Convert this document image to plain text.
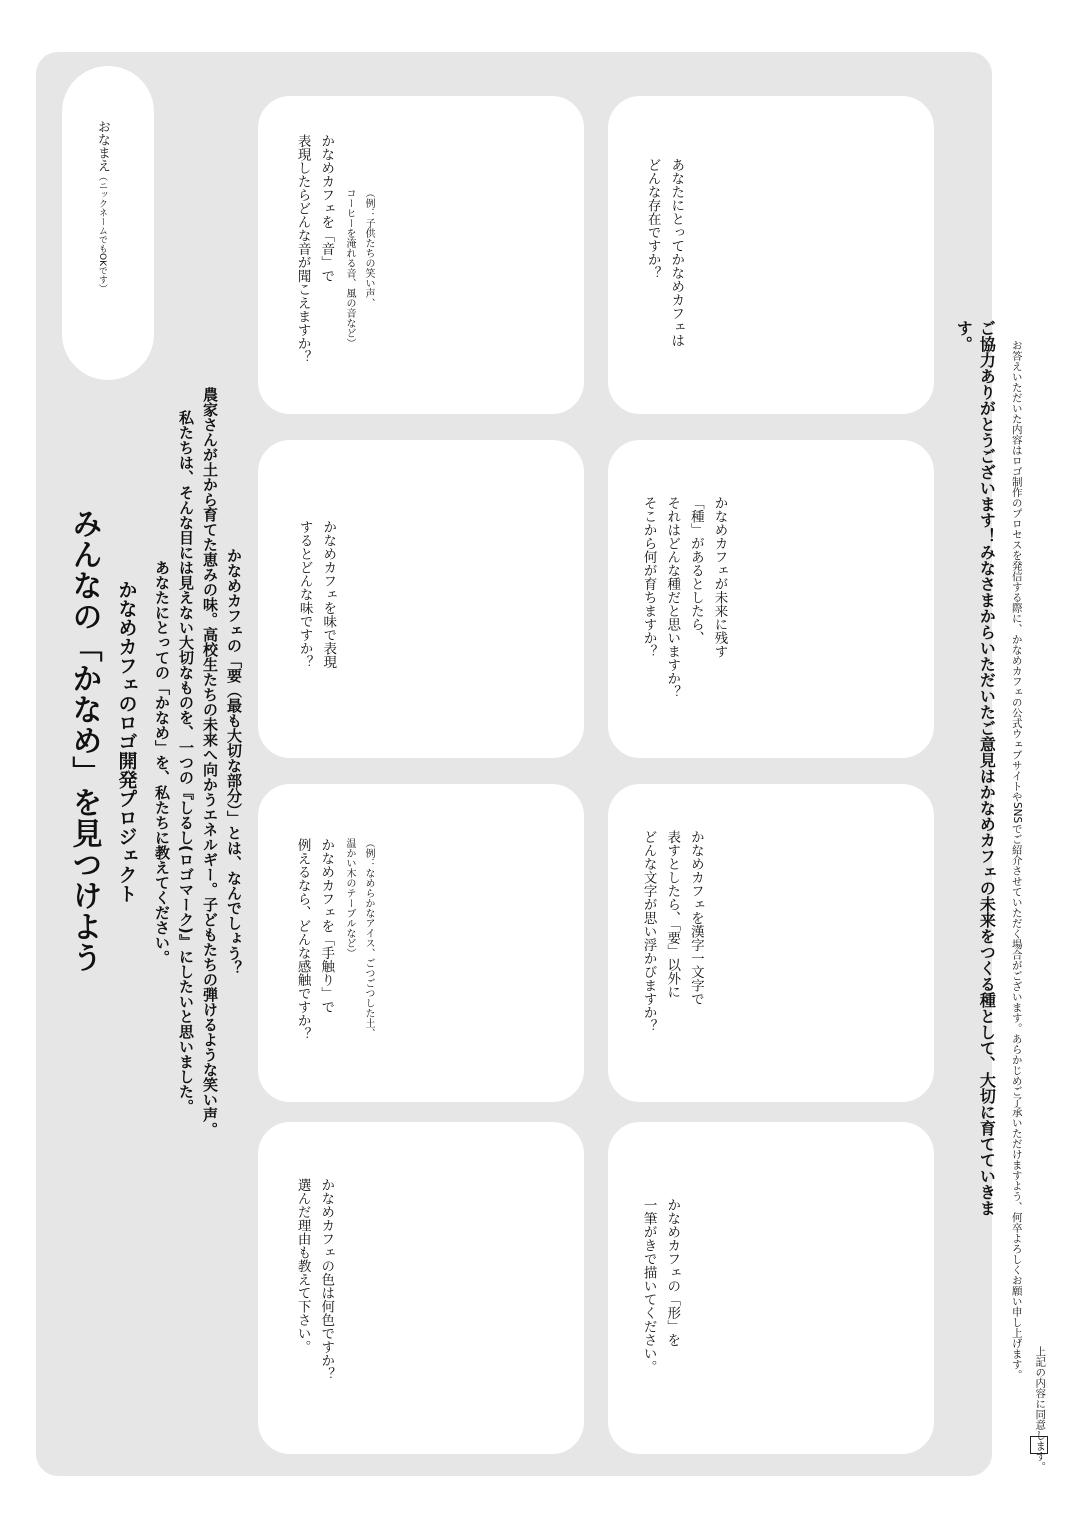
みんなの「かなめ」を見つけよう かなめカフェのロゴ開発プロジェクト	かなめカフェの「要（最も大切な部分）」とは、なんでしょう？
農家さんが土から育てた恵みの味。高校生たちの未来へ向かうエネルギー。子どもたちの弾けるような笑い声。
私たちは、そんな目には見えない大切なものを、一つの『しるし(ロゴマーク)』にしたいと思いました。
あなたにとっての「かなめ」を、私たちに教えてください。
おなまえ（ニックネームでもOKです）	かなめカフェを「音」で
表現したらどんな音が聞こえますか？	（例：子供たちの笑い声、
コーヒーを淹れる音、風の音など）	あなたにとってかなめカフェは
どんな存在ですか？
かなめカフェを味で表現
するとどんな味ですか？	かなめカフェが未来に残す
「種」があるとしたら、
それはどんな種だと思いますか？
そこから何が育ちますか？
かなめカフェを「手触り」で
例えるなら、どんな感触ですか？	（例：なめらかなアイス、ごつごつした土、
温かい木のテーブルなど）	かなめカフェを漢字一文字で
表すとしたら、「要」以外に
どんな文字が思い浮かびますか？
かなめカフェの色は何色ですか？
選んだ理由も教えて下さい。	かなめカフェの「形」を
一筆がきで描いてください。
ご協力ありがとうございます！みなさまからいただいたご意見はかなめカフェの未来をつくる種として、大切に育てていきます。
お答えいただいた内容はロゴ制作のプロセスを発信する際に、かなめカフェの公式ウェブサイトやSNSでご紹介させていただく場合がございます。あらかじめご了承いただけますよう、何卒よろしくお願い申し上げます。
上記の内容に同意します。
